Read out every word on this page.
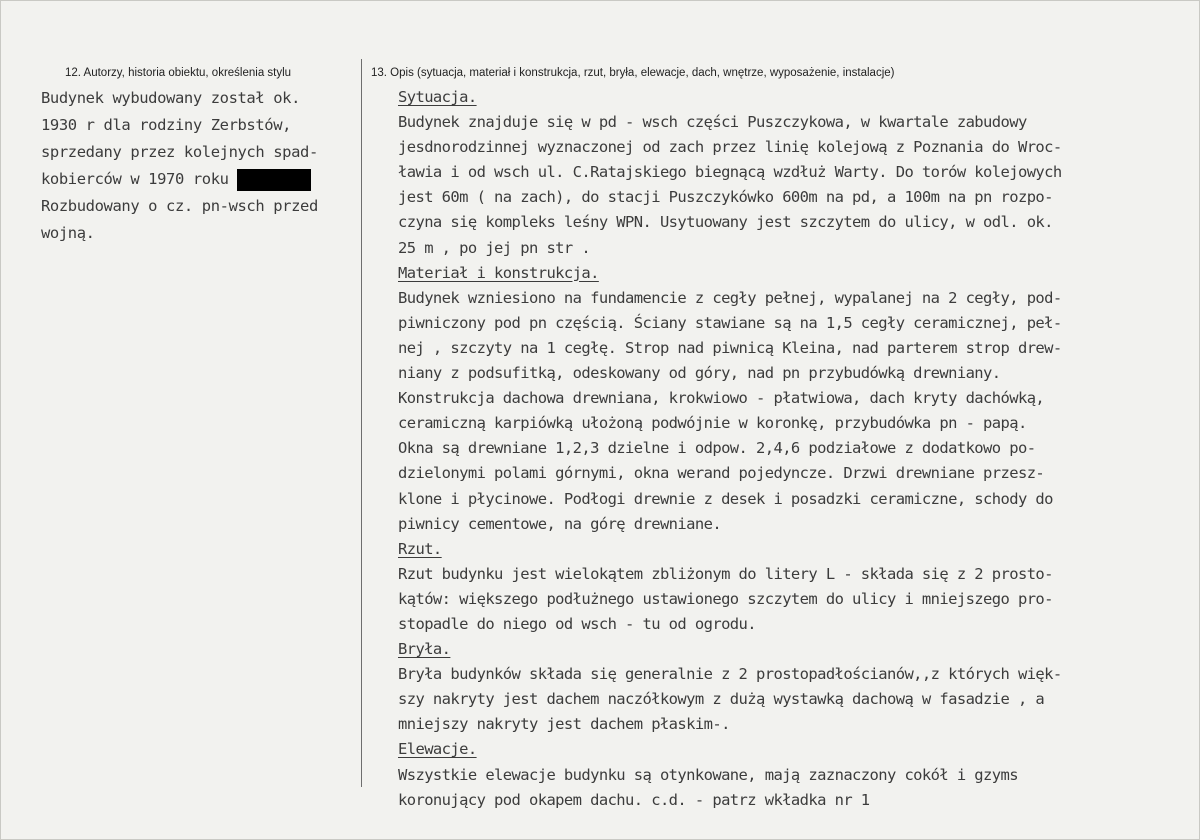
12. Autorzy, historia obiektu, określenia stylu	13. Opis (sytuacja, materiał i konstrukcja, rzut, bryła, elewacje, dach, wnętrze, wyposażenie, instalacje)
Budynek wybudowany został ok.
1930 r dla rodziny Zerbstów,
sprzedany przez kolejnych spad-
kobierców w 1970 roku
Rozbudowany o cz. pn-wsch przed
wojną.
Sytuacja.
Budynek znajduje się w pd - wsch części Puszczykowa, w kwartale zabudowy
jesdnorodzinnej wyznaczonej od zach przez linię kolejową z Poznania do Wroc-
ławia i od wsch ul. C.Ratajskiego biegnącą wzdłuż Warty. Do torów kolejowych
jest 60m ( na zach), do stacji Puszczykówko 600m na pd, a 100m na pn rozpo-
czyna się kompleks leśny WPN. Usytuowany jest szczytem do ulicy, w odl. ok.
25 m , po jej pn str .
Materiał i konstrukcja.
Budynek wzniesiono na fundamencie z cegły pełnej, wypalanej na 2 cegły, pod-
piwniczony pod pn częścią. Ściany stawiane są na 1,5 cegły ceramicznej, peł-
nej , szczyty na 1 cegłę. Strop nad piwnicą Kleina, nad parterem strop drew-
niany z podsufitką, odeskowany od góry, nad pn przybudówką drewniany.
Konstrukcja dachowa drewniana, krokwiowo - płatwiowa, dach kryty dachówką,
ceramiczną karpiówką ułożoną podwójnie w koronkę, przybudówka pn - papą.
Okna są drewniane 1,2,3 dzielne i odpow. 2,4,6 podziałowe z dodatkowo po-
dzielonymi polami górnymi, okna werand pojedyncze. Drzwi drewniane przesz-
klone i płycinowe. Podłogi drewnie z desek i posadzki ceramiczne, schody do
piwnicy cementowe, na górę drewniane.
Rzut.
Rzut budynku jest wielokątem zbliżonym do litery L - składa się z 2 prosto-
kątów: większego podłużnego ustawionego szczytem do ulicy i mniejszego pro-
stopadle do niego od wsch - tu od ogrodu.
Bryła.
Bryła budynków składa się generalnie z 2 prostopadłościanów,,z których więk-
szy nakryty jest dachem naczółkowym z dużą wystawką dachową w fasadzie , a
mniejszy nakryty jest dachem płaskim-.
Elewacje.
Wszystkie elewacje budynku są otynkowane, mają zaznaczony cokół i gzyms
koronujący pod okapem dachu. c.d. - patrz wkładka nr 1
